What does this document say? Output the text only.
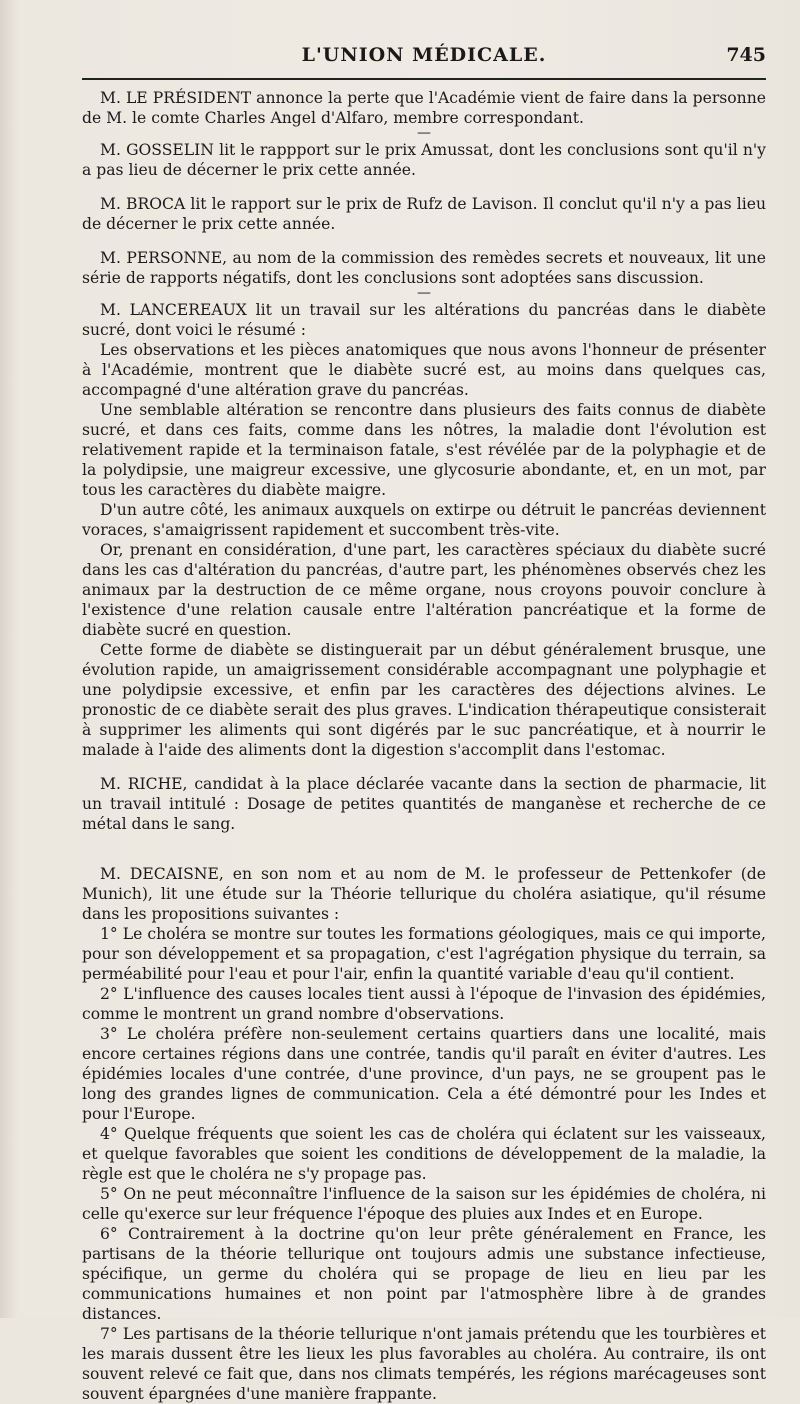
L'UNION MÉDICALE.	745

M. LE PRÉSIDENT annonce la perte que l'Académie vient de faire dans la personne de M. le comte Charles Angel d'Alfaro, membre correspondant.

—

M. GOSSELIN lit le rappport sur le prix Amussat, dont les conclusions sont qu'il n'y a pas lieu de décerner le prix cette année.

M. BROCA lit le rapport sur le prix de Rufz de Lavison. Il conclut qu'il n'y a pas lieu de décerner le prix cette année.

M. PERSONNE, au nom de la commission des remèdes secrets et nouveaux, lit une série de rapports négatifs, dont les conclusions sont adoptées sans discussion.

—

M. LANCEREAUX lit un travail sur les altérations du pancréas dans le diabète sucré, dont voici le résumé :

Les observations et les pièces anatomiques que nous avons l'honneur de présenter à l'Académie, montrent que le diabète sucré est, au moins dans quelques cas, accompagné d'une altération grave du pancréas.

Une semblable altération se rencontre dans plusieurs des faits connus de diabète sucré, et dans ces faits, comme dans les nôtres, la maladie dont l'évolution est relativement rapide et la terminaison fatale, s'est révélée par de la polyphagie et de la polydipsie, une maigreur excessive, une glycosurie abondante, et, en un mot, par tous les caractères du diabète maigre.

D'un autre côté, les animaux auxquels on extirpe ou détruit le pancréas deviennent voraces, s'amaigrissent rapidement et succombent très-vite.

Or, prenant en considération, d'une part, les caractères spéciaux du diabète sucré dans les cas d'altération du pancréas, d'autre part, les phénomènes observés chez les animaux par la destruction de ce même organe, nous croyons pouvoir conclure à l'existence d'une relation causale entre l'altération pancréatique et la forme de diabète sucré en question.

Cette forme de diabète se distinguerait par un début généralement brusque, une évolution rapide, un amaigrissement considérable accompagnant une polyphagie et une polydipsie excessive, et enfin par les caractères des déjections alvines. Le pronostic de ce diabète serait des plus graves. L'indication thérapeutique consisterait à supprimer les aliments qui sont digérés par le suc pancréatique, et à nourrir le malade à l'aide des aliments dont la digestion s'accomplit dans l'estomac.

M. RICHE, candidat à la place déclarée vacante dans la section de pharmacie, lit un travail intitulé : Dosage de petites quantités de manganèse et recherche de ce métal dans le sang.

M. DECAISNE, en son nom et au nom de M. le professeur de Pettenkofer (de Munich), lit une étude sur la Théorie tellurique du choléra asiatique, qu'il résume dans les propositions suivantes :

1° Le choléra se montre sur toutes les formations géologiques, mais ce qui importe, pour son développement et sa propagation, c'est l'agrégation physique du terrain, sa perméabilité pour l'eau et pour l'air, enfin la quantité variable d'eau qu'il contient.

2° L'influence des causes locales tient aussi à l'époque de l'invasion des épidémies, comme le montrent un grand nombre d'observations.

3° Le choléra préfère non-seulement certains quartiers dans une localité, mais encore certaines régions dans une contrée, tandis qu'il paraît en éviter d'autres. Les épidémies locales d'une contrée, d'une province, d'un pays, ne se groupent pas le long des grandes lignes de communication. Cela a été démontré pour les Indes et pour l'Europe.

4° Quelque fréquents que soient les cas de choléra qui éclatent sur les vaisseaux, et quelque favorables que soient les conditions de développement de la maladie, la règle est que le choléra ne s'y propage pas.

5° On ne peut méconnaître l'influence de la saison sur les épidémies de choléra, ni celle qu'exerce sur leur fréquence l'époque des pluies aux Indes et en Europe.

6° Contrairement à la doctrine qu'on leur prête généralement en France, les partisans de la théorie tellurique ont toujours admis une substance infectieuse, spécifique, un germe du choléra qui se propage de lieu en lieu par les communications humaines et non point par l'atmosphère libre à de grandes distances.

7° Les partisans de la théorie tellurique n'ont jamais prétendu que les tourbières et les marais dussent être les lieux les plus favorables au choléra. Au contraire, ils ont souvent relevé ce fait que, dans nos climats tempérés, les régions marécageuses sont souvent épargnées d'une manière frappante.
